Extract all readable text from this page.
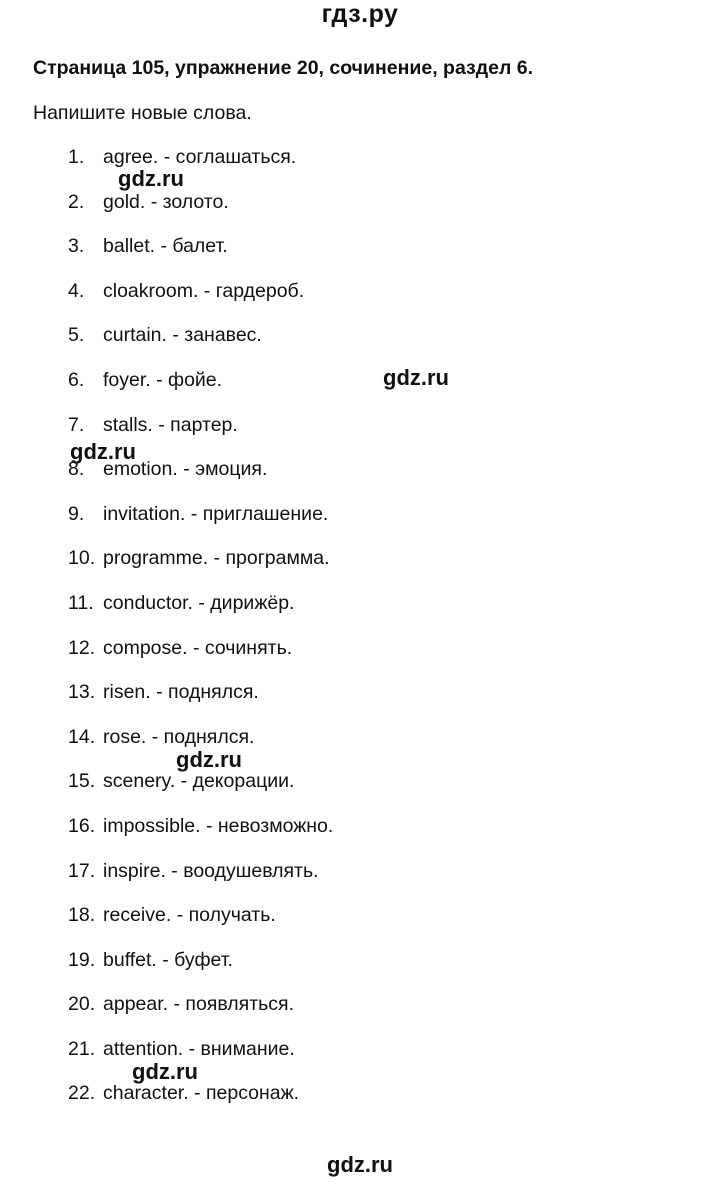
гдз.ру
Страница 105, упражнение 20, сочинение, раздел 6.
Напишите новые слова.
1. agree. - соглашаться.
2. gold. - золото.
3. ballet. - балет.
4. cloakroom. - гардероб.
5. curtain. - занавес.
6. foyer. - фойе.
7. stalls. - партер.
8. emotion. - эмоция.
9. invitation. - приглашение.
10. programme. - программа.
11. conductor. - дирижёр.
12. compose. - сочинять.
13. risen. - поднялся.
14. rose. - поднялся.
15. scenery. - декорации.
16. impossible. - невозможно.
17. inspire. - воодушевлять.
18. receive. - получать.
19. buffet. - буфет.
20. appear. - появляться.
21. attention. - внимание.
22. character. - персонаж.
gdz.ru
gdz.ru
gdz.ru
gdz.ru
gdz.ru
gdz.ru
